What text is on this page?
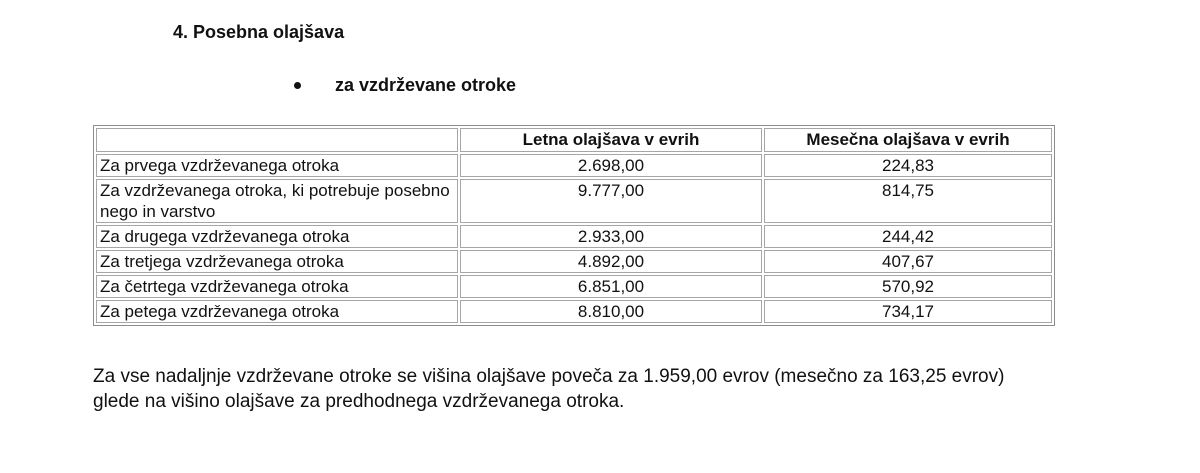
4. Posebna olajšava
za vzdrževane otroke
	Letna olajšava v evrih	Mesečna olajšava v evrih
Za prvega vzdrževanega otroka	2.698,00	224,83
Za vzdrževanega otroka, ki potrebuje posebno nego in varstvo	9.777,00	814,75
Za drugega vzdrževanega otroka	2.933,00	244,42
Za tretjega vzdrževanega otroka	4.892,00	407,67
Za četrtega vzdrževanega otroka	6.851,00	570,92
Za petega vzdrževanega otroka	8.810,00	734,17
Za vse nadaljnje vzdrževane otroke se višina olajšave poveča za 1.959,00 evrov (mesečno za 163,25 evrov) glede na višino olajšave za predhodnega vzdrževanega otroka.
